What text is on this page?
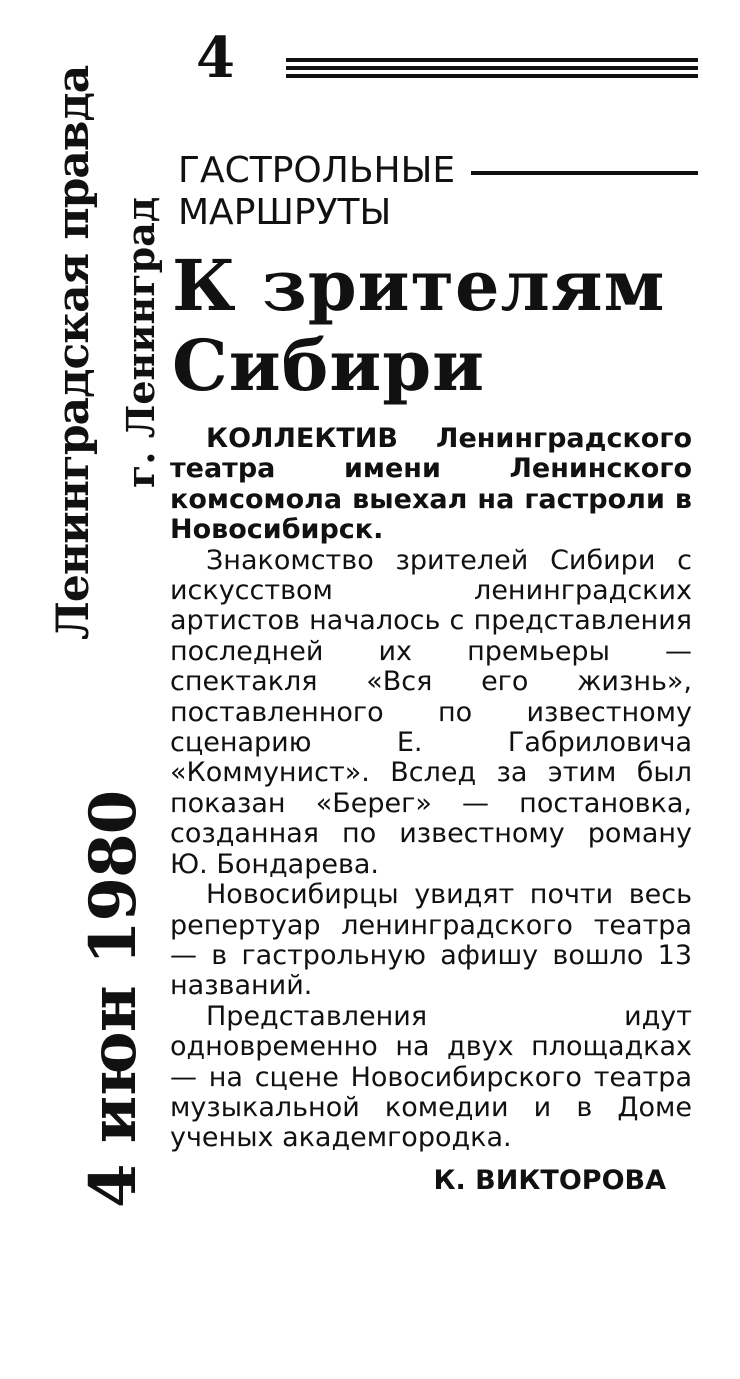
4
Ленинградская правда г. Ленинград
4 июн 1980
ГАСТРОЛЬНЫЕ
МАРШРУТЫ
К зрителям
Сибири

КОЛЛЕКТИВ Ленинградского театра имени Ленинского комсомола выехал на гастроли в Новосибирск.

Знакомство зрителей Сибири с искусством ленинградских артистов началось с представления последней их премьеры — спектакля «Вся его жизнь», поставленного по известному сценарию Е. Габриловича «Коммунист». Вслед за этим был показан «Берег» — постановка, созданная по известному роману Ю. Бондарева.

Новосибирцы увидят почти весь репертуар ленинградского театра — в гастрольную афишу вошло 13 названий.

Представления идут одновременно на двух площадках — на сцене Новосибирского театра музыкальной комедии и в Доме ученых академгородка.

К. ВИКТОРОВА
